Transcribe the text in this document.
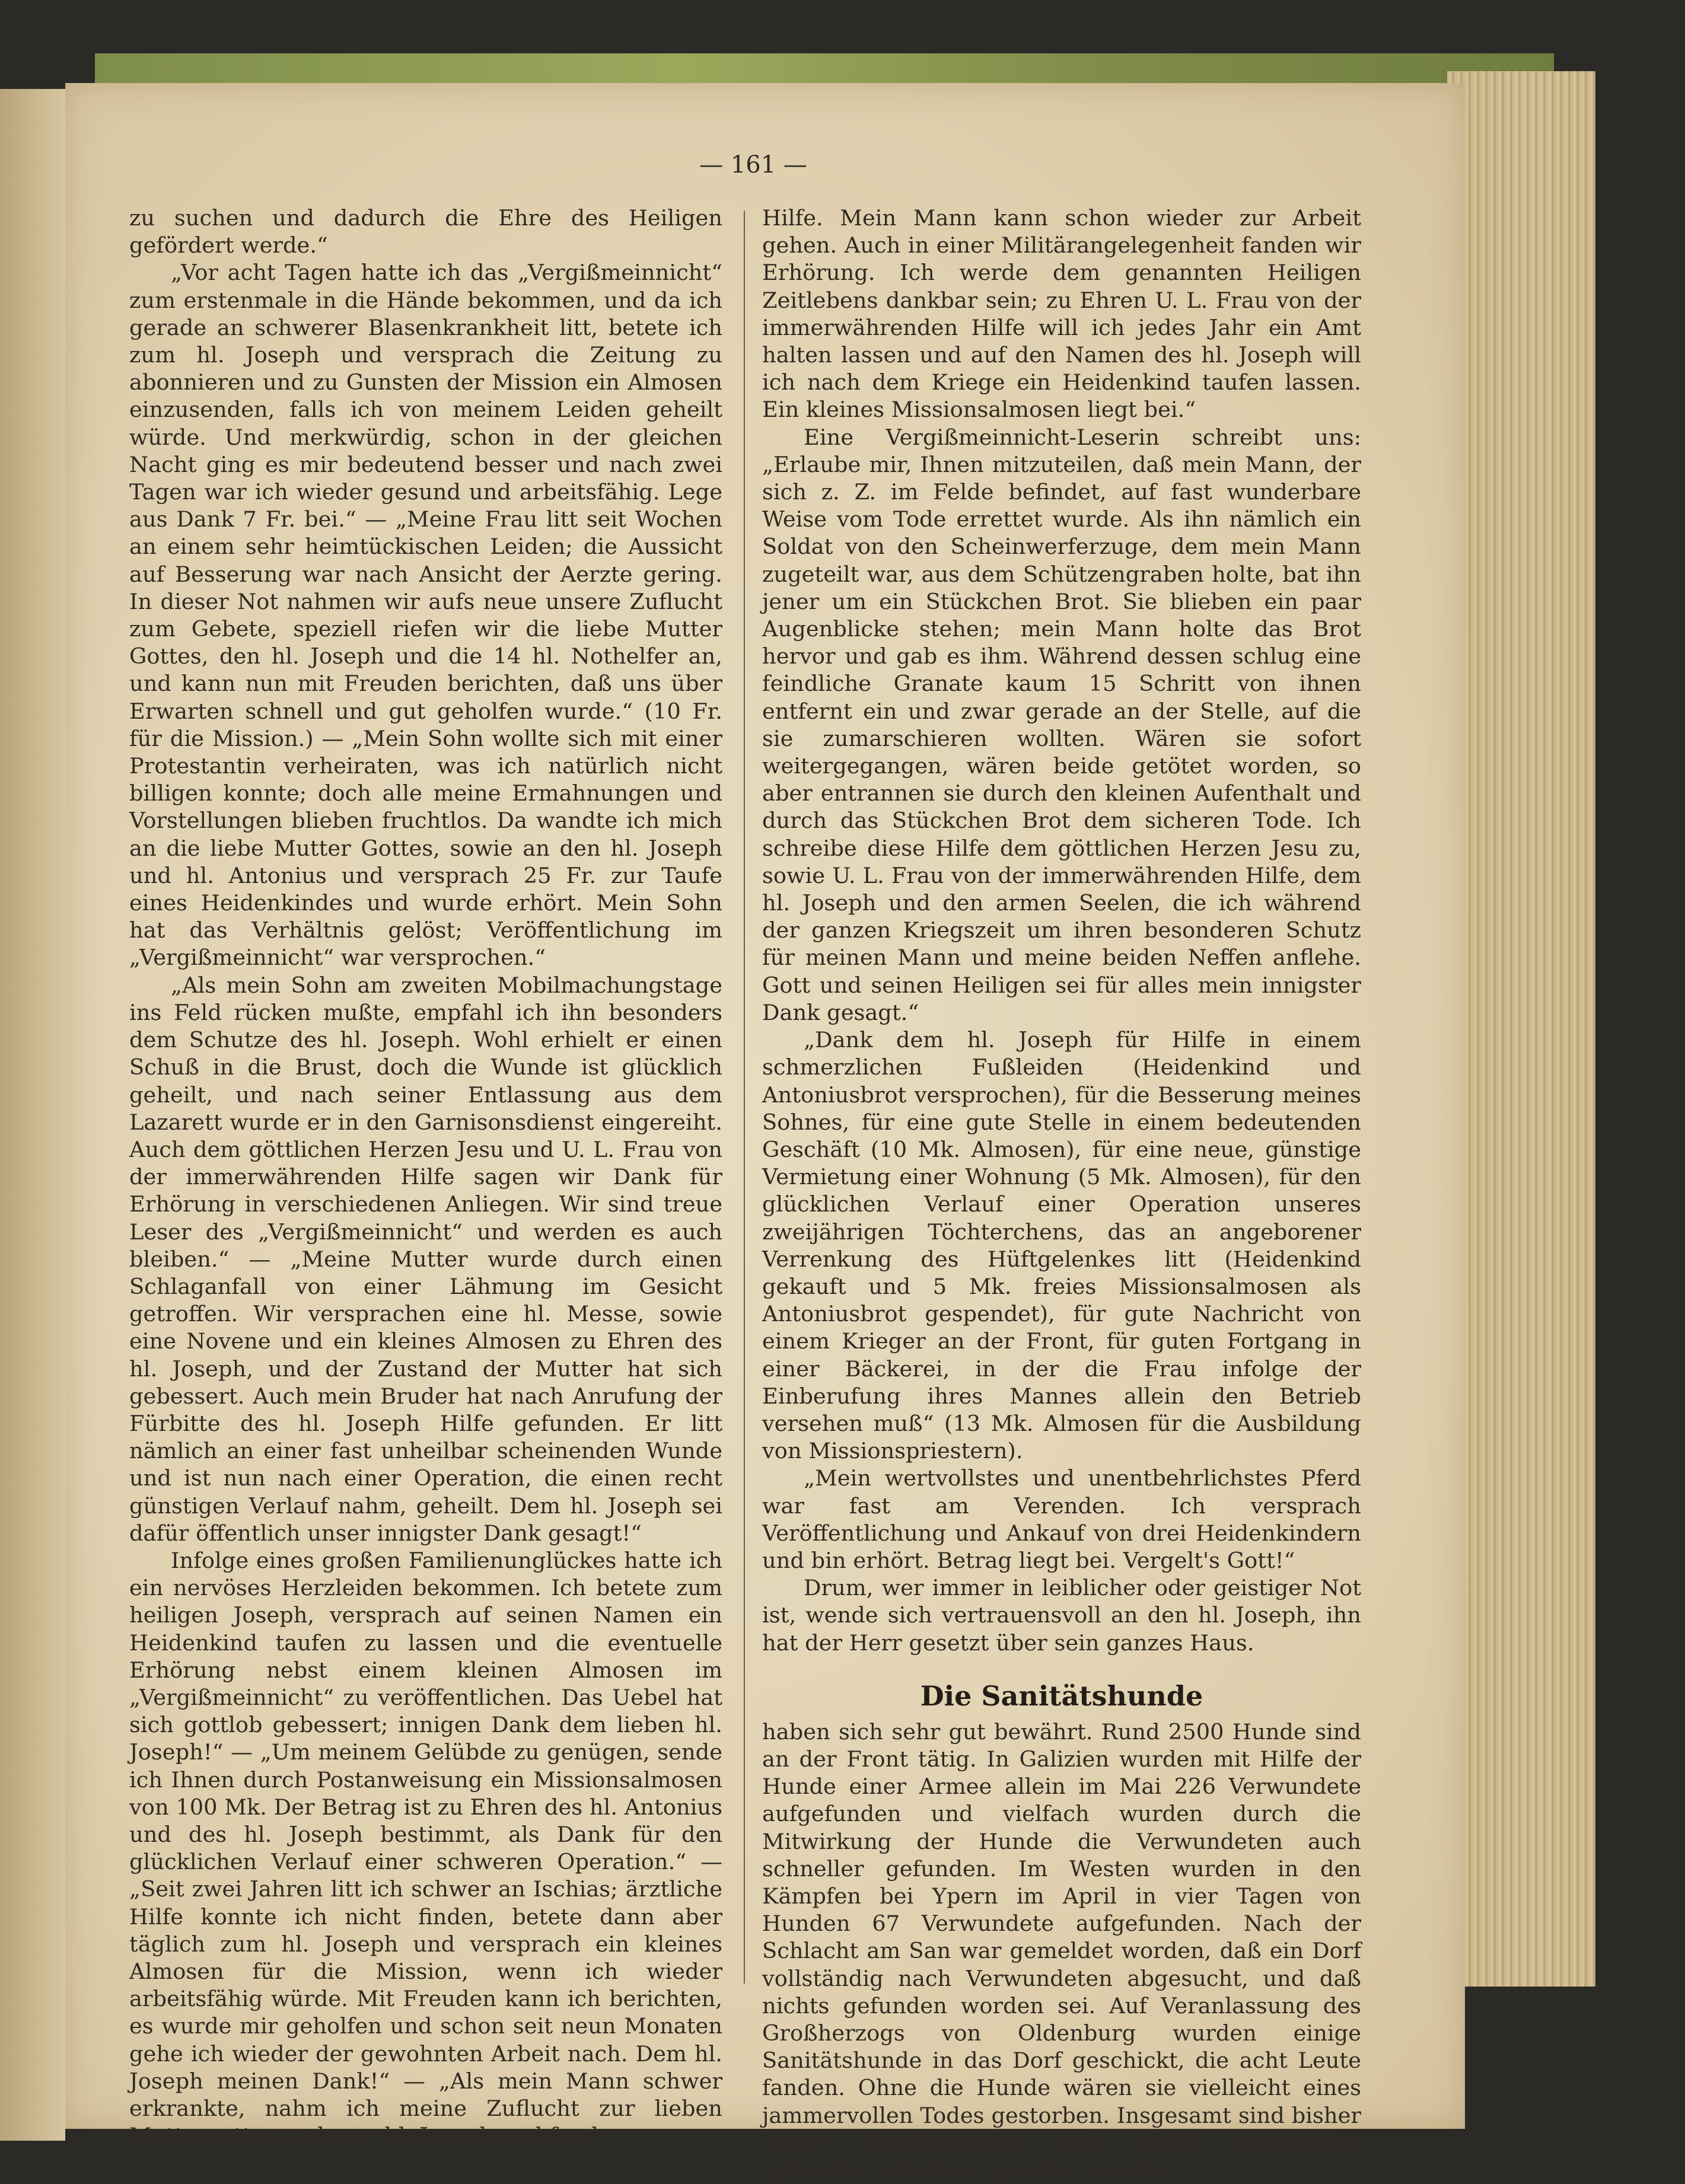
— 161 —

zu suchen und dadurch die Ehre des Heiligen gefördert werde.“

„Vor acht Tagen hatte ich das „Vergißmeinnicht“ zum erstenmale in die Hände bekommen, und da ich gerade an schwerer Blasenkrankheit litt, betete ich zum hl. Joseph und versprach die Zeitung zu abonnieren und zu Gunsten der Mission ein Almosen einzusenden, falls ich von meinem Leiden geheilt würde. Und merkwürdig, schon in der gleichen Nacht ging es mir bedeutend besser und nach zwei Tagen war ich wieder gesund und arbeitsfähig. Lege aus Dank 7 Fr. bei.“ — „Meine Frau litt seit Wochen an einem sehr heimtückischen Leiden; die Aussicht auf Besserung war nach Ansicht der Aerzte gering. In dieser Not nahmen wir aufs neue unsere Zuflucht zum Gebete, speziell riefen wir die liebe Mutter Gottes, den hl. Joseph und die 14 hl. Nothelfer an, und kann nun mit Freuden berichten, daß uns über Erwarten schnell und gut geholfen wurde.“ (10 Fr. für die Mission.) — „Mein Sohn wollte sich mit einer Protestantin verheiraten, was ich natürlich nicht billigen konnte; doch alle meine Ermahnungen und Vorstellungen blieben fruchtlos. Da wandte ich mich an die liebe Mutter Gottes, sowie an den hl. Joseph und hl. Antonius und versprach 25 Fr. zur Taufe eines Heidenkindes und wurde erhört. Mein Sohn hat das Verhältnis gelöst; Veröffentlichung im „Vergißmeinnicht“ war versprochen.“

„Als mein Sohn am zweiten Mobilmachungstage ins Feld rücken mußte, empfahl ich ihn besonders dem Schutze des hl. Joseph. Wohl erhielt er einen Schuß in die Brust, doch die Wunde ist glücklich geheilt, und nach seiner Entlassung aus dem Lazarett wurde er in den Garnisonsdienst eingereiht. Auch dem göttlichen Herzen Jesu und U. L. Frau von der immerwährenden Hilfe sagen wir Dank für Erhörung in verschiedenen Anliegen. Wir sind treue Leser des „Vergißmeinnicht“ und werden es auch bleiben.“ — „Meine Mutter wurde durch einen Schlaganfall von einer Lähmung im Gesicht getroffen. Wir versprachen eine hl. Messe, sowie eine Novene und ein kleines Almosen zu Ehren des hl. Joseph, und der Zustand der Mutter hat sich gebessert. Auch mein Bruder hat nach Anrufung der Fürbitte des hl. Joseph Hilfe gefunden. Er litt nämlich an einer fast unheilbar scheinenden Wunde und ist nun nach einer Operation, die einen recht günstigen Verlauf nahm, geheilt. Dem hl. Joseph sei dafür öffentlich unser innigster Dank gesagt!“

Infolge eines großen Familienunglückes hatte ich ein nervöses Herzleiden bekommen. Ich betete zum heiligen Joseph, versprach auf seinen Namen ein Heidenkind taufen zu lassen und die eventuelle Erhörung nebst einem kleinen Almosen im „Vergißmeinnicht“ zu veröffentlichen. Das Uebel hat sich gottlob gebessert; innigen Dank dem lieben hl. Joseph!“ — „Um meinem Gelübde zu genügen, sende ich Ihnen durch Postanweisung ein Missionsalmosen von 100 Mk. Der Betrag ist zu Ehren des hl. Antonius und des hl. Joseph bestimmt, als Dank für den glücklichen Verlauf einer schweren Operation.“ — „Seit zwei Jahren litt ich schwer an Ischias; ärztliche Hilfe konnte ich nicht finden, betete dann aber täglich zum hl. Joseph und versprach ein kleines Almosen für die Mission, wenn ich wieder arbeitsfähig würde. Mit Freuden kann ich berichten, es wurde mir geholfen und schon seit neun Monaten gehe ich wieder der gewohnten Arbeit nach. Dem hl. Joseph meinen Dank!“ — „Als mein Mann schwer erkrankte, nahm ich meine Zuflucht zur lieben Muttergottes und zum hl. Joseph und fand

Hilfe. Mein Mann kann schon wieder zur Arbeit gehen. Auch in einer Militärangelegenheit fanden wir Erhörung. Ich werde dem genannten Heiligen Zeitlebens dankbar sein; zu Ehren U. L. Frau von der immerwährenden Hilfe will ich jedes Jahr ein Amt halten lassen und auf den Namen des hl. Joseph will ich nach dem Kriege ein Heidenkind taufen lassen. Ein kleines Missionsalmosen liegt bei.“

Eine Vergißmeinnicht-Leserin schreibt uns: „Erlaube mir, Ihnen mitzuteilen, daß mein Mann, der sich z. Z. im Felde befindet, auf fast wunderbare Weise vom Tode errettet wurde. Als ihn nämlich ein Soldat von den Scheinwerferzuge, dem mein Mann zugeteilt war, aus dem Schützengraben holte, bat ihn jener um ein Stückchen Brot. Sie blieben ein paar Augenblicke stehen; mein Mann holte das Brot hervor und gab es ihm. Während dessen schlug eine feindliche Granate kaum 15 Schritt von ihnen entfernt ein und zwar gerade an der Stelle, auf die sie zumarschieren wollten. Wären sie sofort weitergegangen, wären beide getötet worden, so aber entrannen sie durch den kleinen Aufenthalt und durch das Stückchen Brot dem sicheren Tode. Ich schreibe diese Hilfe dem göttlichen Herzen Jesu zu, sowie U. L. Frau von der immerwährenden Hilfe, dem hl. Joseph und den armen Seelen, die ich während der ganzen Kriegszeit um ihren besonderen Schutz für meinen Mann und meine beiden Neffen anflehe. Gott und seinen Heiligen sei für alles mein innigster Dank gesagt.“

„Dank dem hl. Joseph für Hilfe in einem schmerzlichen Fußleiden (Heidenkind und Antoniusbrot versprochen), für die Besserung meines Sohnes, für eine gute Stelle in einem bedeutenden Geschäft (10 Mk. Almosen), für eine neue, günstige Vermietung einer Wohnung (5 Mk. Almosen), für den glücklichen Verlauf einer Operation unseres zweijährigen Töchterchens, das an angeborener Verrenkung des Hüftgelenkes litt (Heidenkind gekauft und 5 Mk. freies Missionsalmosen als Antoniusbrot gespendet), für gute Nachricht von einem Krieger an der Front, für guten Fortgang in einer Bäckerei, in der die Frau infolge der Einberufung ihres Mannes allein den Betrieb versehen muß“ (13 Mk. Almosen für die Ausbildung von Missionspriestern).

„Mein wertvollstes und unentbehrlichstes Pferd war fast am Verenden. Ich versprach Veröffentlichung und Ankauf von drei Heidenkindern und bin erhört. Betrag liegt bei. Vergelt's Gott!“

Drum, wer immer in leiblicher oder geistiger Not ist, wende sich vertrauensvoll an den hl. Joseph, ihn hat der Herr gesetzt über sein ganzes Haus.

Die Sanitätshunde

haben sich sehr gut bewährt. Rund 2500 Hunde sind an der Front tätig. In Galizien wurden mit Hilfe der Hunde einer Armee allein im Mai 226 Verwundete aufgefunden und vielfach wurden durch die Mitwirkung der Hunde die Verwundeten auch schneller gefunden. Im Westen wurden in den Kämpfen bei Ypern im April in vier Tagen von Hunden 67 Verwundete aufgefunden. Nach der Schlacht am San war gemeldet worden, daß ein Dorf vollständig nach Verwundeten abgesucht, und daß nichts gefunden worden sei. Auf Veranlassung des Großherzogs von Oldenburg wurden einige Sanitätshunde in das Dorf geschickt, die acht Leute fanden. Ohne die Hunde wären sie vielleicht eines jammervollen Todes gestorben. Insgesamt sind bisher durch Sanitätshunde rund 8000 Verwundete gefunden und damit gerettet worden.
